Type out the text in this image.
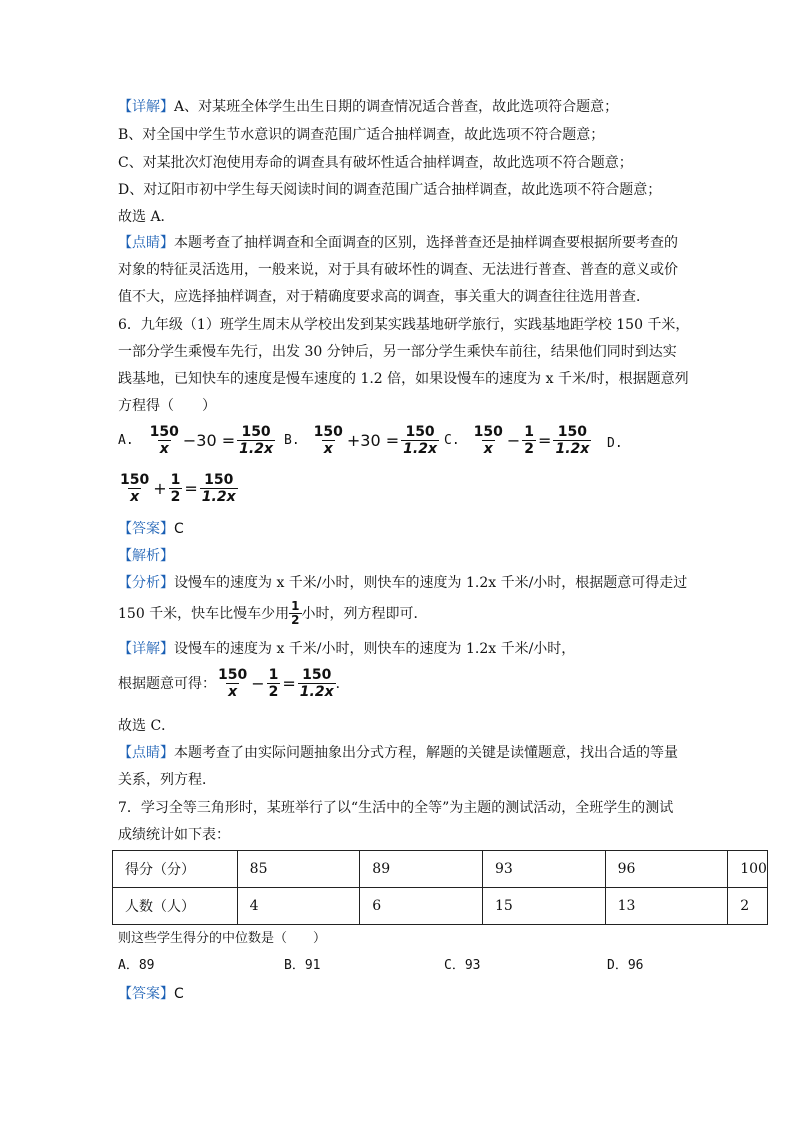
【详解】A、对某班全体学生出生日期的调查情况适合普查，故此选项符合题意；
B、对全国中学生节水意识的调查范围广适合抽样调查，故此选项不符合题意；
C、对某批次灯泡使用寿命的调查具有破坏性适合抽样调查，故此选项不符合题意；
D、对辽阳市初中学生每天阅读时间的调查范围广适合抽样调查，故此选项不符合题意；
故选 A．
【点睛】本题考查了抽样调查和全面调查的区别，选择普查还是抽样调查要根据所要考查的
对象的特征灵活选用，一般来说，对于具有破坏性的调查、无法进行普查、普查的意义或价
值不大，应选择抽样调查，对于精确度要求高的调查，事关重大的调查往往选用普查．
6．九年级（1）班学生周末从学校出发到某实践基地研学旅行，实践基地距学校 150 千米，
一部分学生乘慢车先行，出发 30 分钟后，另一部分学生乘快车前往，结果他们同时到达实
践基地，已知快车的速度是慢车速度的 1.2 倍，如果设慢车的速度为 x 千米/时，根据题意列
方程得（　　）
A. $\frac{150}{x} -30 = \frac{150}{1.2x} B$. $\frac{150}{x} +30 = \frac{150}{1.2x} C$. $\frac{150}{x} - \frac{1}{2} = \frac{150}{1.2x} D$.
$\frac{150}{x} + \frac{1}{2} = \frac{150}{1.2x}$
【答案】C
【解析】
【分析】设慢车的速度为 x 千米/小时，则快车的速度为 1.2x 千米/小时，根据题意可得走过
150 千米，快车比慢车少用 $\frac{1}{2}$ 小时，列方程即可．
【详解】设慢车的速度为 x 千米/小时，则快车的速度为 1.2x 千米/小时，
根据题意可得： $\frac{150}{x} - \frac{1}{2} = \frac{150}{1.2x}$ ．
故选 C．
【点睛】本题考查了由实际问题抽象出分式方程，解题的关键是读懂题意，找出合适的等量
关系，列方程．
7．学习全等三角形时，某班举行了以“生活中的全等”为主题的测试活动，全班学生的测试
成绩统计如下表：
得分（分）	85	89	93	96	100
人数（人）	4	6	15	13	2
则这些学生得分的中位数是（　　）
A．89	B．91	C．93	D．96
【答案】C
